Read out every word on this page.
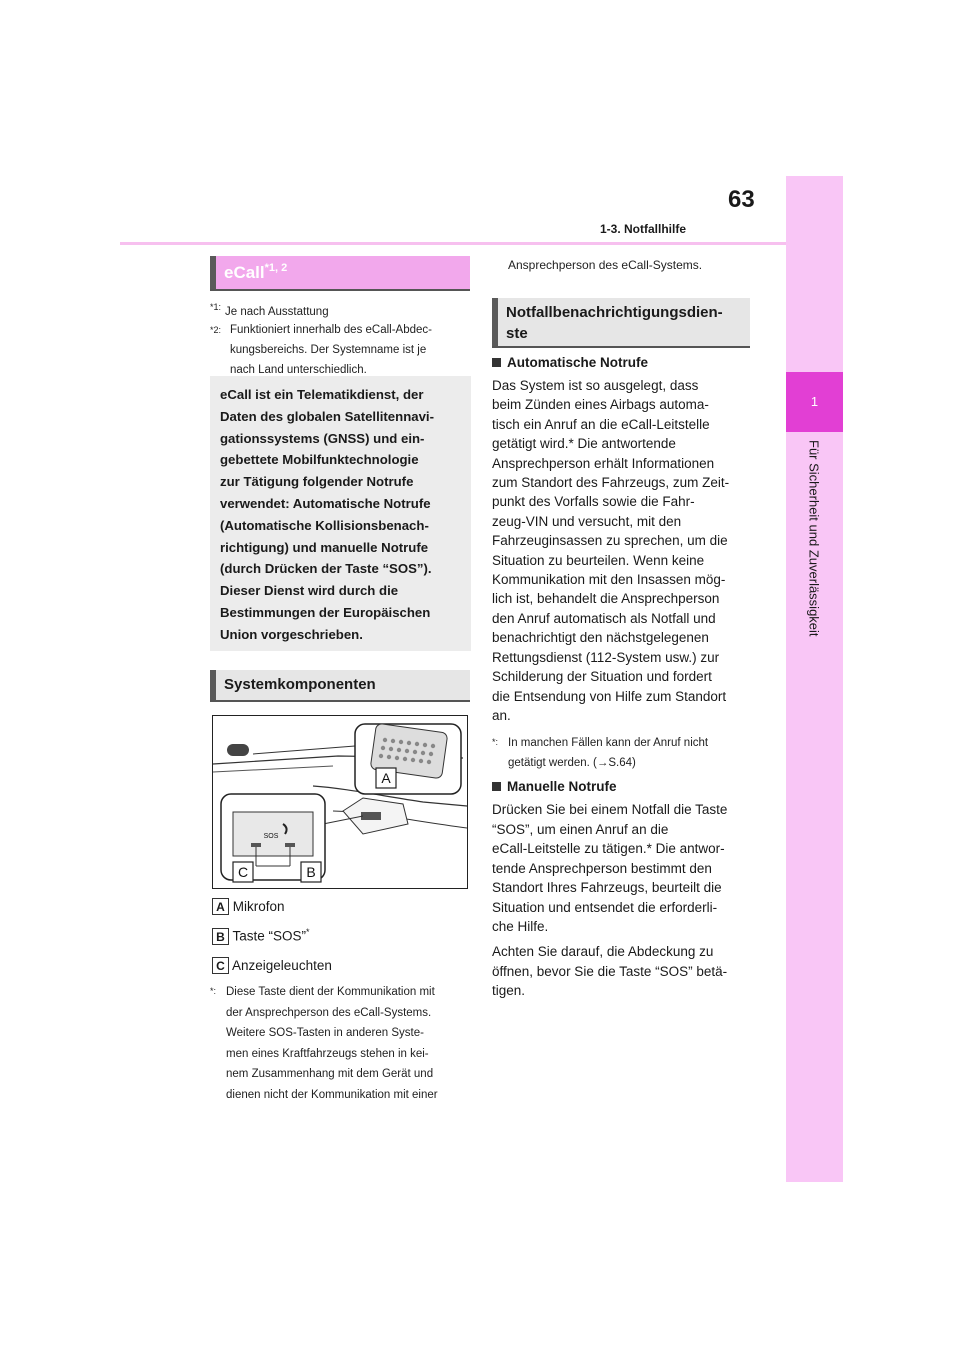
1
Für Sicherheit und Zuverlässigkeit
63
1-3. Notfallhilfe
eCall$^{*1, 2}$
$^{*1:}$ Je nach Ausstattung
$^{*2:}$ Funktioniert innerhalb des eCall-Abdec-
kungsbereichs. Der Systemname ist je
nach Land unterschiedlich.

eCall ist ein Telematikdienst, der
Daten des globalen Satellitennavi-
gationssystems (GNSS) und ein-
gebettete Mobilfunktechnologie
zur Tätigung folgender Notrufe
verwendet: Automatische Notrufe
(Automatische Kollisionsbenach-
richtigung) und manuelle Notrufe
(durch Drücken der Taste “SOS”).
Dieser Dienst wird durch die
Bestimmungen der Europäischen
Union vorgeschrieben.

Systemkomponenten
A
SOS
C	B
A Mikrofon
B Taste “SOS”*
C Anzeigeleuchten
*: Diese Taste dient der Kommunikation mit
der Ansprechperson des eCall-Systems.
Weitere SOS-Tasten in anderen Syste-
men eines Kraftfahrzeugs stehen in kei-
nem Zusammenhang mit dem Gerät und
dienen nicht der Kommunikation mit einer
Ansprechperson des eCall-Systems.
Notfallbenachrichtigungsdien-
ste
Automatische Notrufe
Das System ist so ausgelegt, dass
beim Zünden eines Airbags automa-
tisch ein Anruf an die eCall-Leitstelle
getätigt wird.* Die antwortende
Ansprechperson erhält Informationen
zum Standort des Fahrzeugs, zum Zeit-
punkt des Vorfalls sowie die Fahr-
zeug-VIN und versucht, mit den
Fahrzeuginsassen zu sprechen, um die
Situation zu beurteilen. Wenn keine
Kommunikation mit den Insassen mög-
lich ist, behandelt die Ansprechperson
den Anruf automatisch als Notfall und
benachrichtigt den nächstgelegenen
Rettungsdienst (112-System usw.) zur
Schilderung der Situation und fordert
die Entsendung von Hilfe zum Standort
an.
*: In manchen Fällen kann der Anruf nicht
getätigt werden. (→S.64)
Manuelle Notrufe
Drücken Sie bei einem Notfall die Taste
“SOS”, um einen Anruf an die
eCall-Leitstelle zu tätigen.* Die antwor-
tende Ansprechperson bestimmt den
Standort Ihres Fahrzeugs, beurteilt die
Situation und entsendet die erforderli-
che Hilfe.
Achten Sie darauf, die Abdeckung zu
öffnen, bevor Sie die Taste “SOS” betä-
tigen.
